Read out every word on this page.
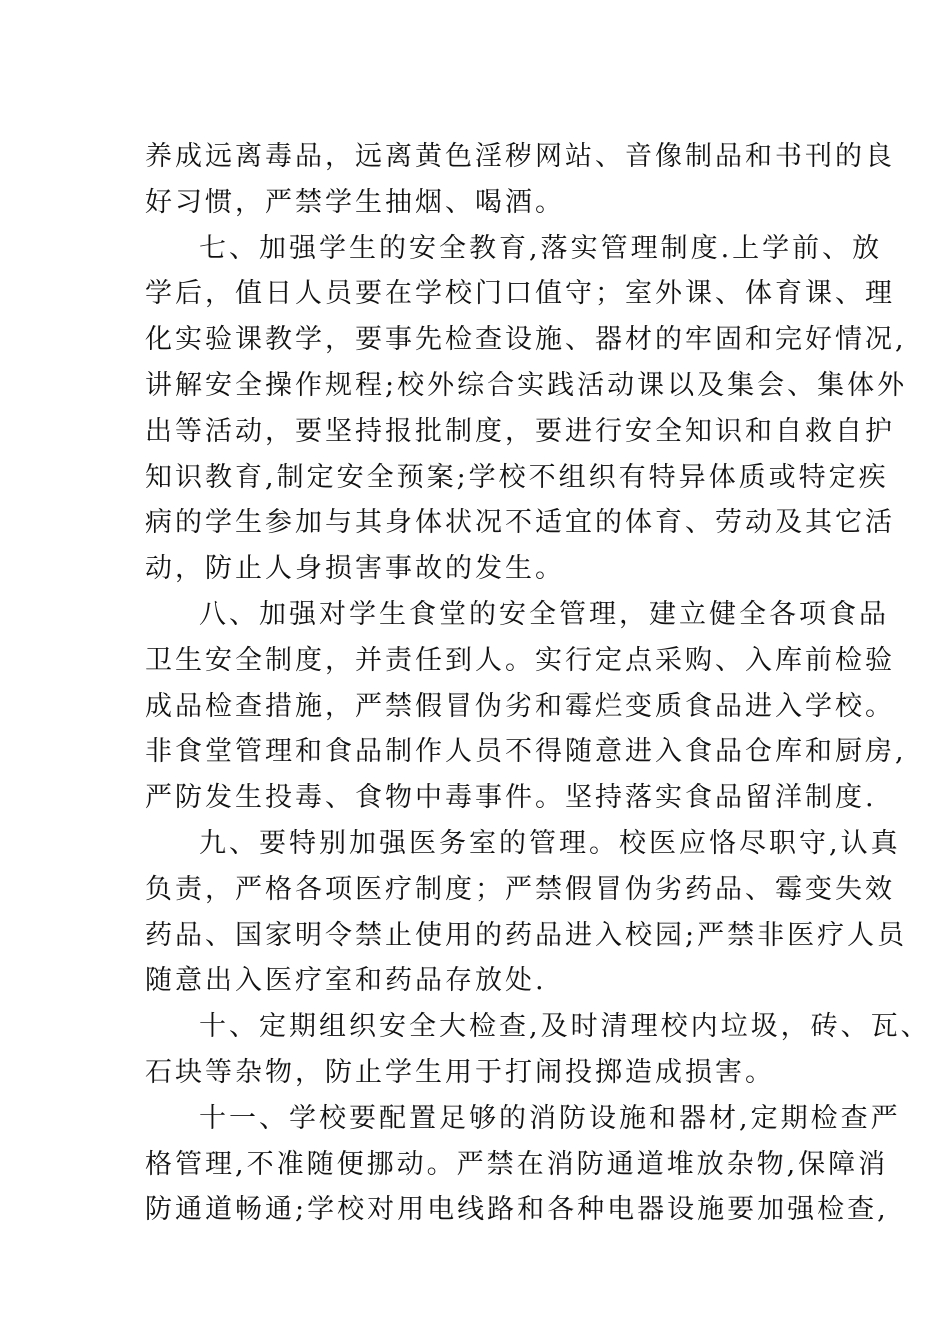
养成远离毒品，远离黄色淫秽网站、音像制品和书刊的良
好习惯，严禁学生抽烟、喝酒。
七、加强学生的安全教育,落实管理制度.上学前、放
学后，值日人员要在学校门口值守；室外课、体育课、理
化实验课教学，要事先检查设施、器材的牢固和完好情况,
讲解安全操作规程;校外综合实践活动课以及集会、集体外
出等活动，要坚持报批制度，要进行安全知识和自救自护
知识教育,制定安全预案;学校不组织有特异体质或特定疾
病的学生参加与其身体状况不适宜的体育、劳动及其它活
动，防止人身损害事故的发生。
八、加强对学生食堂的安全管理，建立健全各项食品
卫生安全制度，并责任到人。实行定点采购、入库前检验
成品检查措施，严禁假冒伪劣和霉烂变质食品进入学校。
非食堂管理和食品制作人员不得随意进入食品仓库和厨房,
严防发生投毒、食物中毒事件。坚持落实食品留洋制度.
九、要特别加强医务室的管理。校医应恪尽职守,认真
负责，严格各项医疗制度；严禁假冒伪劣药品、霉变失效
药品、国家明令禁止使用的药品进入校园;严禁非医疗人员
随意出入医疗室和药品存放处.
十、定期组织安全大检查,及时清理校内垃圾，砖、瓦、
石块等杂物，防止学生用于打闹投掷造成损害。
十一、学校要配置足够的消防设施和器材,定期检查严
格管理,不准随便挪动。严禁在消防通道堆放杂物,保障消
防通道畅通;学校对用电线路和各种电器设施要加强检查,
